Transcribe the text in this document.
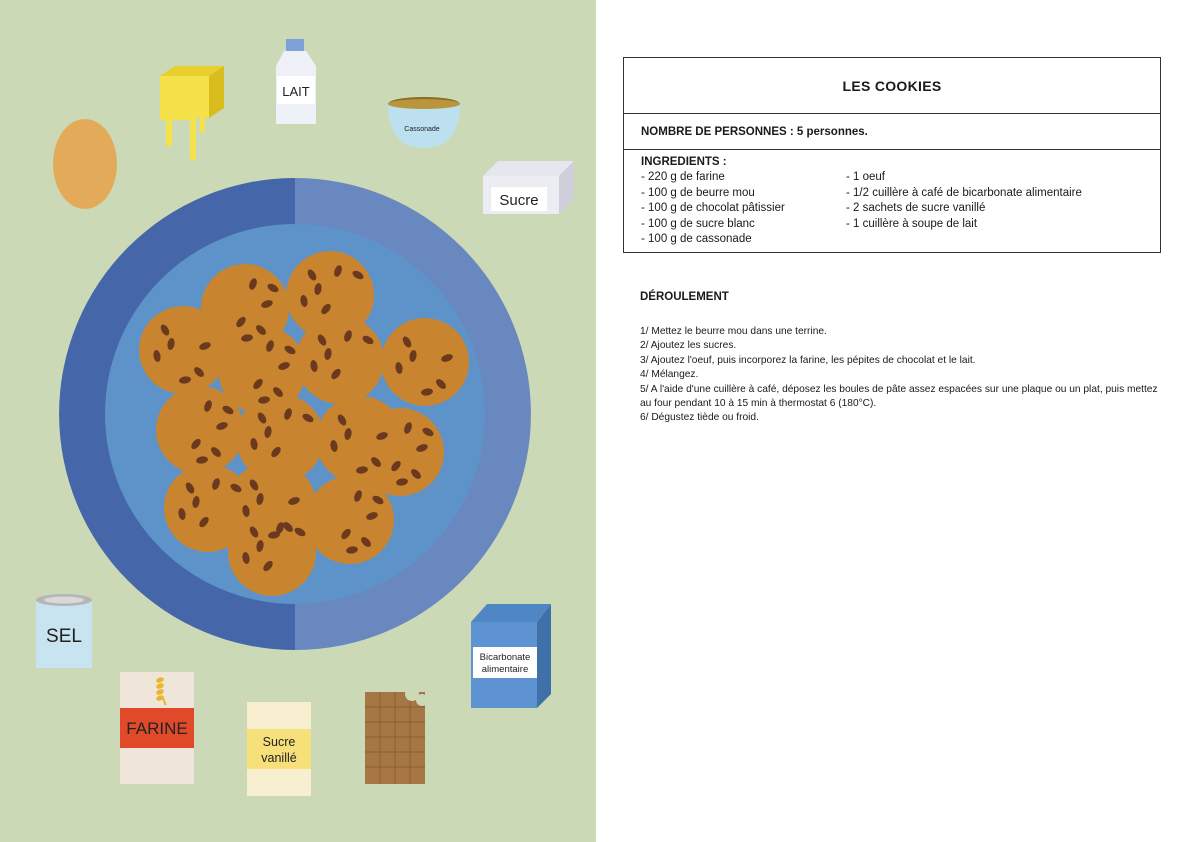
LAIT
Cassonade
Sucre
SEL
FARINE
Sucre
vanillé
Bicarbonate
alimentaire
LES COOKIES
NOMBRE DE PERSONNES : 5 personnes.
INGREDIENTS :
- 220 g de farine
- 100 g de beurre mou
- 100 g de chocolat pâtissier
- 100 g de sucre blanc
- 100 g de cassonade
- 1 oeuf
- 1/2 cuillère à café de bicarbonate alimentaire
- 2 sachets de sucre vanillé
- 1 cuillère à soupe de lait
DÉROULEMENT
1/ Mettez le beurre mou dans une terrine.
2/ Ajoutez les sucres.
3/ Ajoutez l'oeuf, puis incorporez la farine, les pépites de chocolat et le lait.
4/ Mélangez.
5/ A l'aide d'une cuillère à café, déposez les boules de pâte assez espacées sur une plaque ou un plat, puis mettez au four pendant 10 à 15 min à thermostat 6 (180°C).
6/ Dégustez tiède ou froid.
